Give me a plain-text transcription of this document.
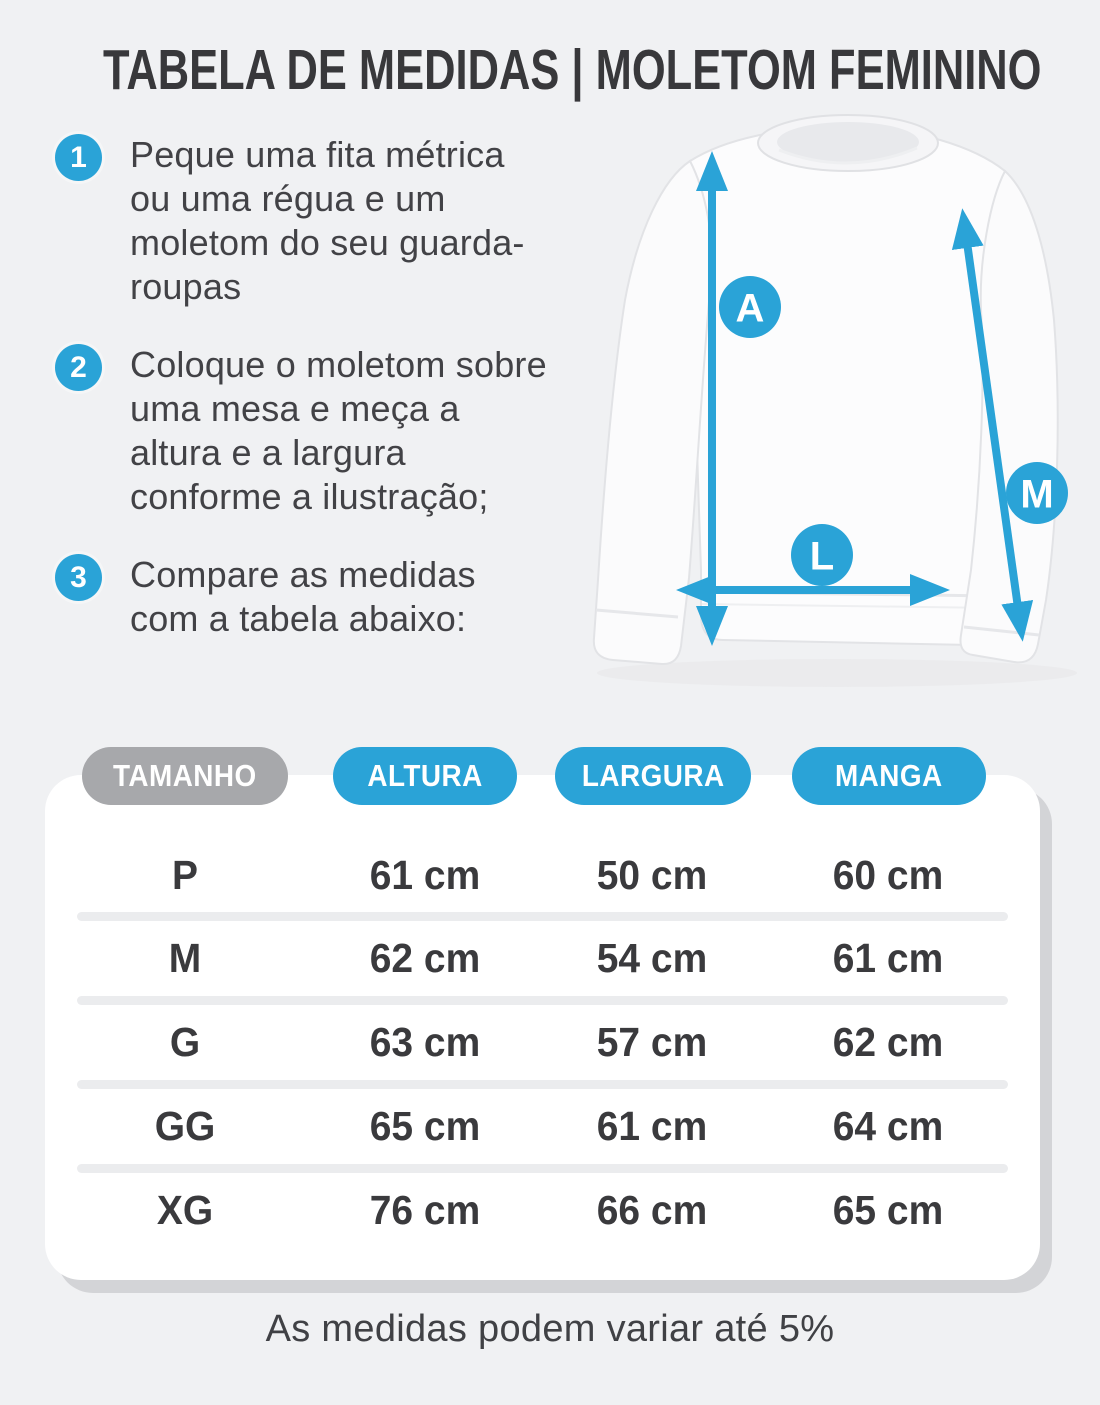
TABELA DE MEDIDAS | MOLETOM FEMININO
1 Peque uma fita métrica ou uma régua e um moletom do seu guarda-roupas
2 Coloque o moletom sobre uma mesa e meça a altura e a largura conforme a ilustração;
3 Compare as medidas com a tabela abaixo:
A
L
M
P	61 cm	50 cm	60 cm
M	62 cm	54 cm	61 cm
G	63 cm	57 cm	62 cm
GG	65 cm	61 cm	64 cm
XG	76 cm	66 cm	65 cm
TAMANHO	ALTURA	LARGURA	MANGA
As medidas podem variar até 5%
